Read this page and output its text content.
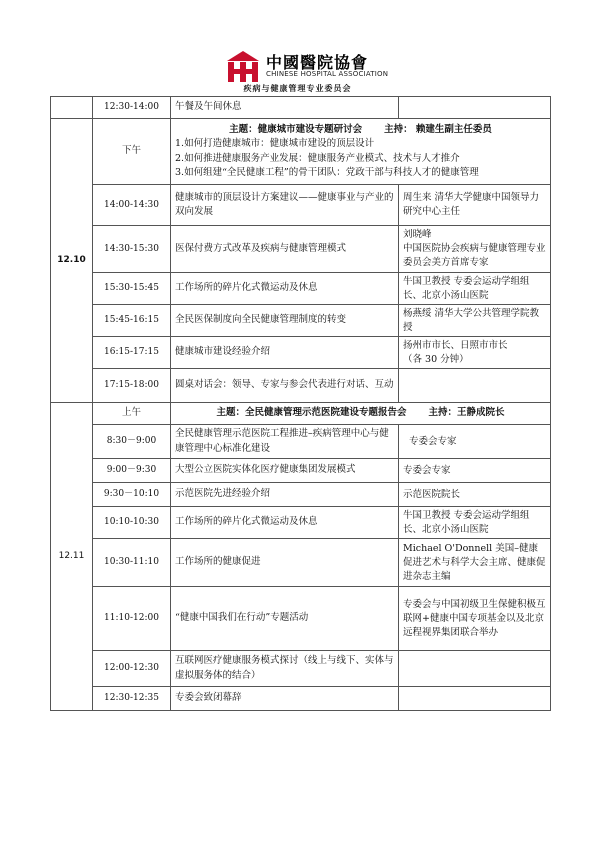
中國醫院協會
CHINESE HOSPITAL ASSOCIATION
疾病与健康管理专业委员会
	12:30-14:00	午餐及午间休息	
12.10	下午	主题：健康城市建设专题研讨会 主持： 赖建生副主任委员
1.如何打造健康城市：健康城市建设的顶层设计
2.如何推进健康服务产业发展：健康服务产业模式、技术与人才推介
3.如何组建“全民健康工程”的骨干团队：党政干部与科技人才的健康管理	

	14:00-14:30	健康城市的顶层设计方案建议——健康事业与产业的双向发展	周生来 清华大学健康中国领导力研究中心主任
	14:30-15:30	医保付费方式改革及疾病与健康管理模式	刘晓峰
中国医院协会疾病与健康管理专业委员会美方首席专家
	15:30-15:45	工作场所的碎片化式微运动及休息	牛国卫教授 专委会运动学组组长、北京小汤山医院
	15:45-16:15	全民医保制度向全民健康管理制度的转变	杨燕绥 清华大学公共管理学院教授
	16:15-17:15	健康城市建设经验介绍	扬州市市长、日照市市长
（各 30 分钟）
	17:15-18:00	圆桌对话会：领导、专家与参会代表进行对话、互动	
12.11	上午	主题：全民健康管理示范医院建设专题报告会 主持：王静成院长	

	8:30－9:00	全民健康管理示范医院工程推进–疾病管理中心与健康管理中心标准化建设	专委会专家
	9:00－9:30	大型公立医院实体化医疗健康集团发展模式	专委会专家
	9:30－10:10	示范医院先进经验介绍	示范医院院长
	10:10-10:30	工作场所的碎片化式微运动及休息	牛国卫教授 专委会运动学组组长、北京小汤山医院
	10:30-11:10	工作场所的健康促进	Michael O'Donnell 美国–健康促进艺术与科学大会主席、健康促进杂志主编
	11:10-12:00	“健康中国我们在行动”专题活动	专委会与中国初级卫生保健积极互联网+健康中国专项基金以及北京远程视界集团联合举办
	12:00-12:30	互联网医疗健康服务模式探讨（线上与线下、实体与虚拟服务体的结合）	
	12:30-12:35	专委会致闭幕辞	
